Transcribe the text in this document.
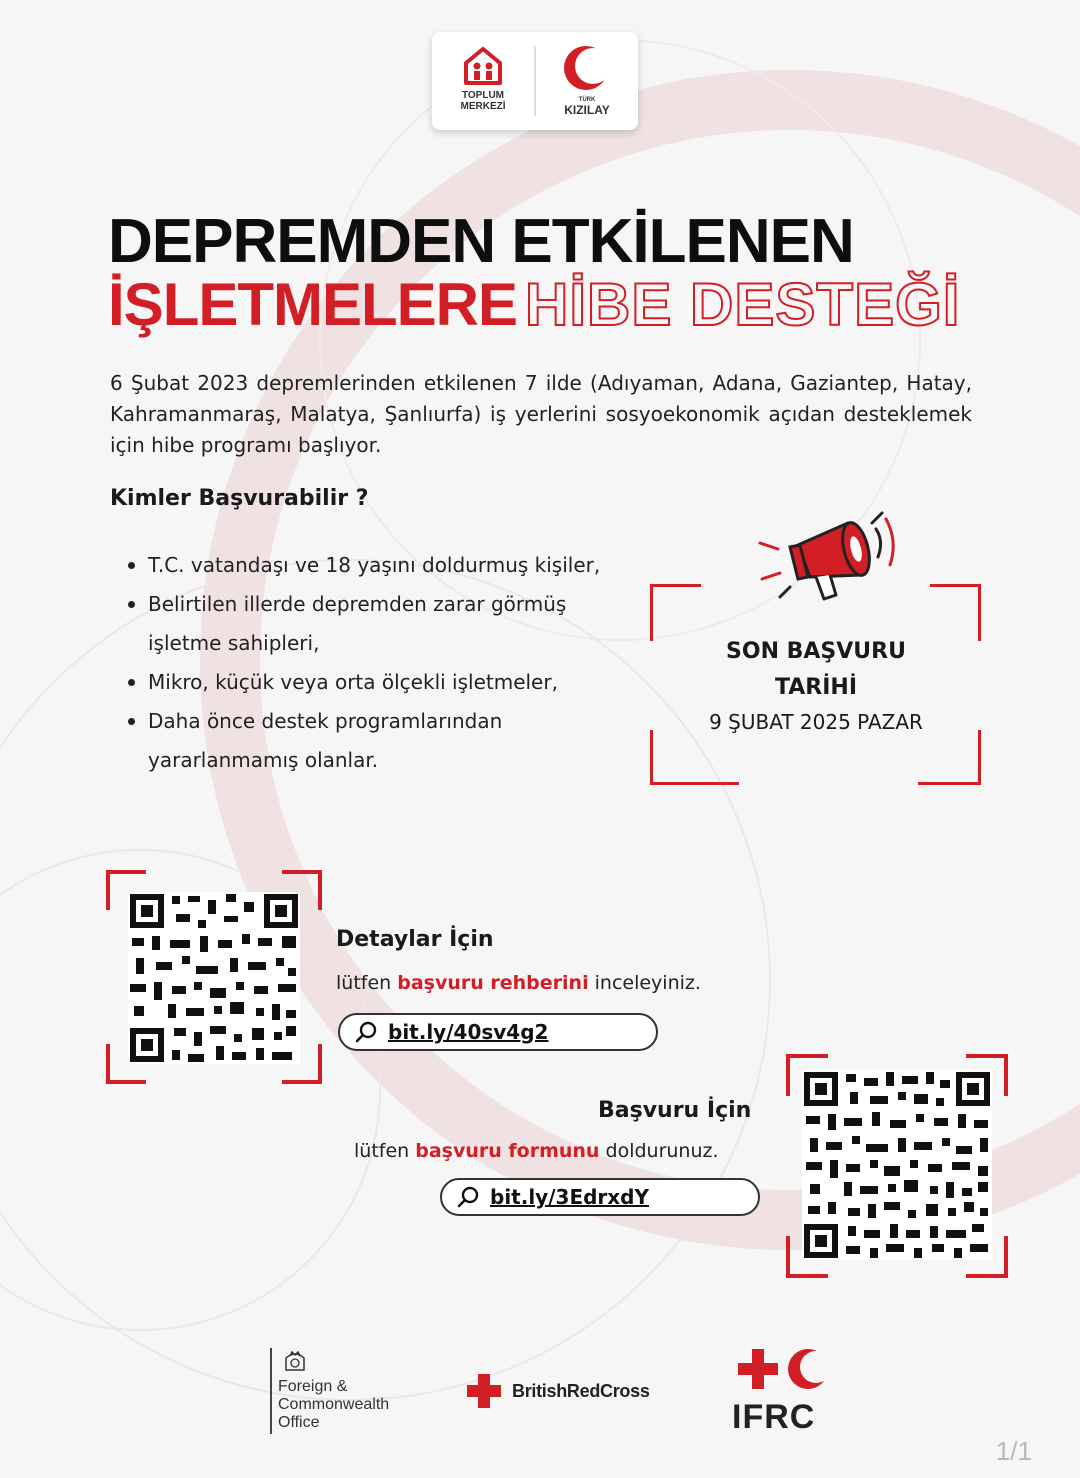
TOPLUM
MERKEZİ
TÜRK
KIZILAY
DEPREMDEN ETKİLENEN
İŞLETMELERE HİBE DESTEĞİ
6 Şubat 2023 depremlerinden etkilenen 7 ilde (Adıyaman, Adana, Gaziantep, Hatay, Kahramanmaraş, Malatya, Şanlıurfa) iş yerlerini sosyoekonomik açıdan desteklemek için hibe programı başlıyor.
Kimler Başvurabilir ?
T.C. vatandaşı ve 18 yaşını doldurmuş kişiler,
Belirtilen illerde depremden zarar görmüş işletme sahipleri,
Mikro, küçük veya orta ölçekli işletmeler,
Daha önce destek programlarından yararlanmamış olanlar.
SON BAŞVURU
TARİHİ
9 ŞUBAT 2025 PAZAR
Detaylar İçin
lütfen başvuru rehberini inceleyiniz.
bit.ly/40sv4g2
Başvuru İçin
lütfen başvuru formunu doldurunuz.
bit.ly/3EdrxdY
Foreign &
Commonwealth
Office
BritishRedCross
IFRC
1/1
